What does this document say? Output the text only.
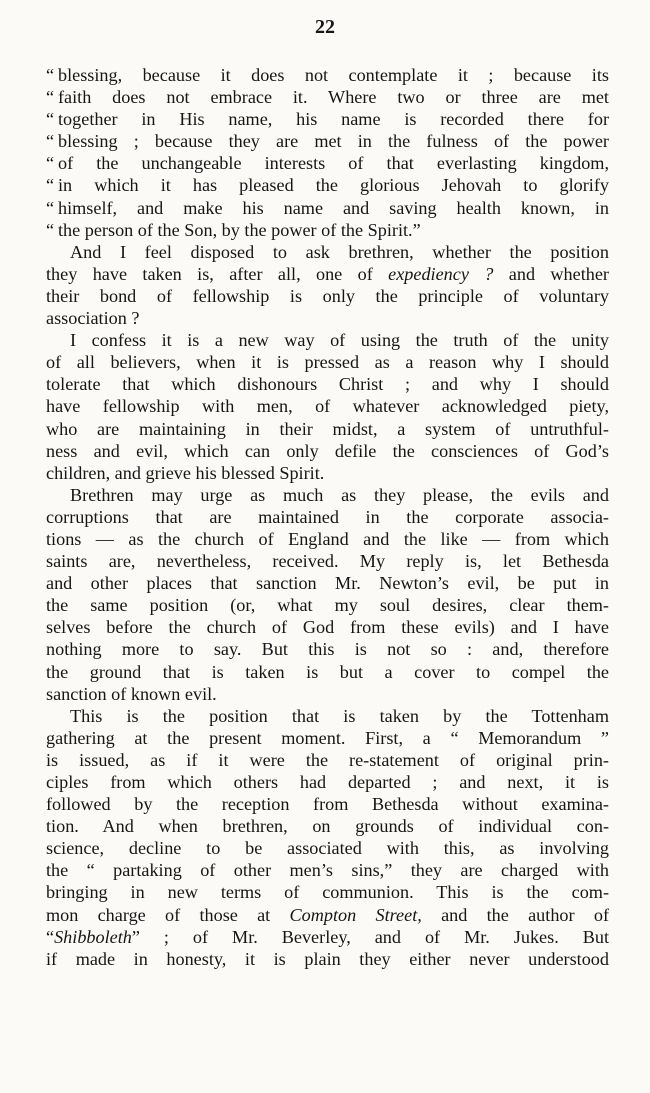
22
“ blessing, because it does not contemplate it ; because its
“ faith does not embrace it. Where two or three are met
“ together in His name, his name is recorded there for
“ blessing ; because they are met in the fulness of the power
“ of the unchangeable interests of that everlasting kingdom,
“ in which it has pleased the glorious Jehovah to glorify
“ himself, and make his name and saving health known, in
“ the person of the Son, by the power of the Spirit.”
And I feel disposed to ask brethren, whether the position
they have taken is, after all, one of expediency ? and whether
their bond of fellowship is only the principle of voluntary
association ?
I confess it is a new way of using the truth of the unity
of all believers, when it is pressed as a reason why I should
tolerate that which dishonours Christ ; and why I should
have fellowship with men, of whatever acknowledged piety,
who are maintaining in their midst, a system of untruthful-
ness and evil, which can only defile the consciences of God’s
children, and grieve his blessed Spirit.
Brethren may urge as much as they please, the evils and
corruptions that are maintained in the corporate associa-
tions — as the church of England and the like — from which
saints are, nevertheless, received. My reply is, let Bethesda
and other places that sanction Mr. Newton’s evil, be put in
the same position (or, what my soul desires, clear them-
selves before the church of God from these evils) and I have
nothing more to say. But this is not so : and, therefore
the ground that is taken is but a cover to compel the
sanction of known evil.
This is the position that is taken by the Tottenham
gathering at the present moment. First, a “ Memorandum ”
is issued, as if it were the re-statement of original prin-
ciples from which others had departed ; and next, it is
followed by the reception from Bethesda without examina-
tion. And when brethren, on grounds of individual con-
science, decline to be associated with this, as involving
the “ partaking of other men’s sins,” they are charged with
bringing in new terms of communion. This is the com-
mon charge of those at Compton Street, and the author of
“Shibboleth” ; of Mr. Beverley, and of Mr. Jukes. But
if made in honesty, it is plain they either never understood
